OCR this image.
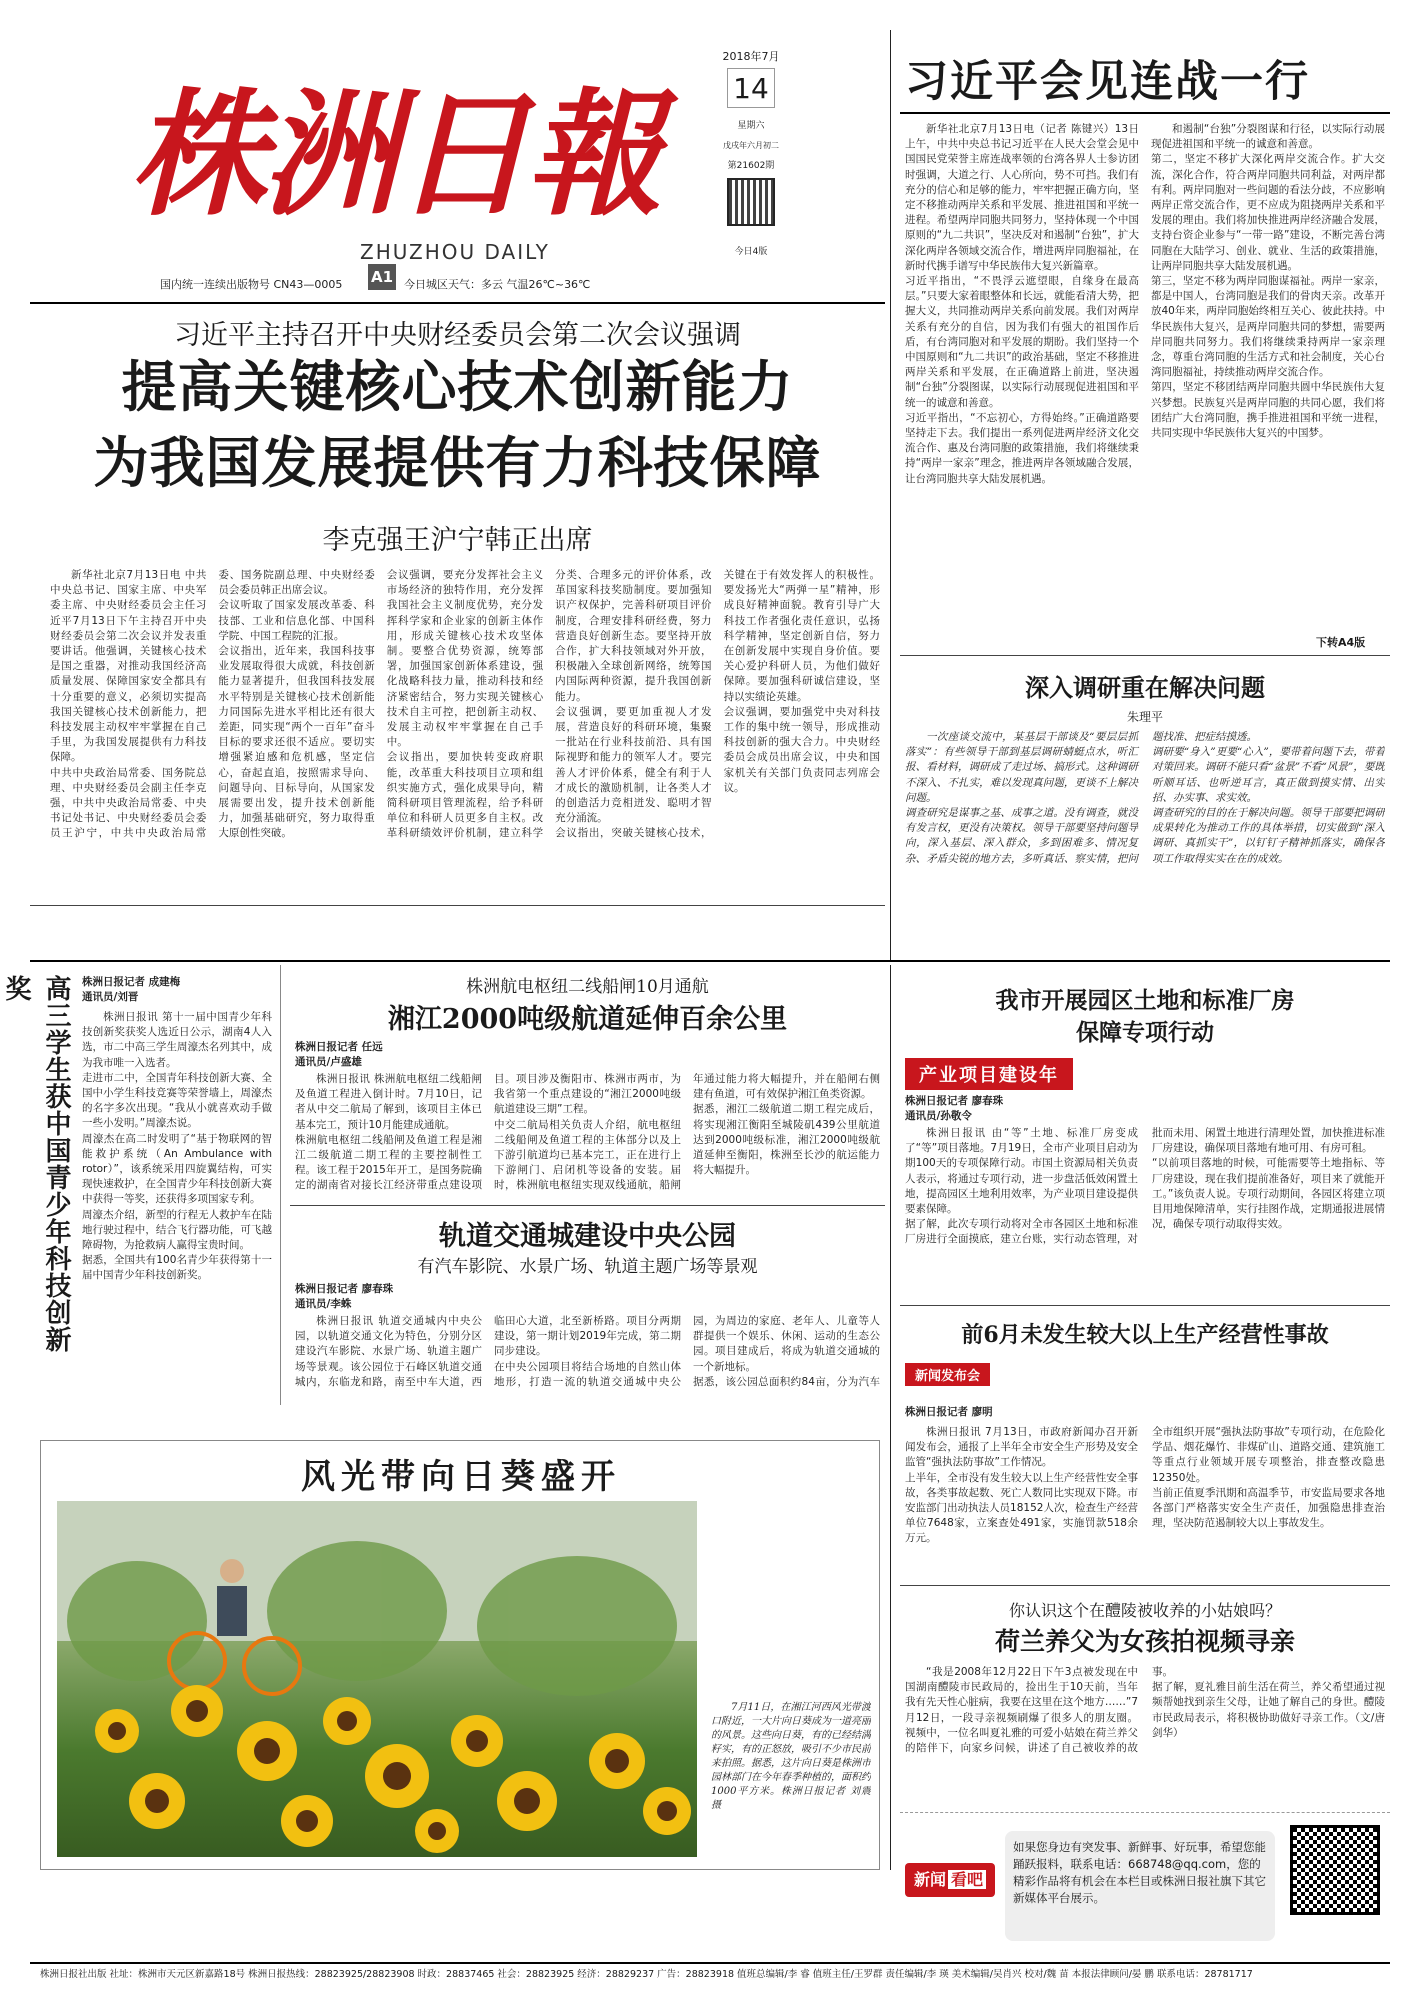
株洲日報
ZHUZHOU DAILY
国内统一连续出版物号 CN43—0005 A1 今日城区天气：多云 气温26℃~36℃
2018年7月
14
星期六
戊戌年六月初二
第21602期
今日4版
习近平会见连战一行
新华社北京7月13日电（记者 陈键兴）13日上午，中共中央总书记习近平在人民大会堂会见中国国民党荣誉主席连战率领的台湾各界人士参访团时强调，大道之行、人心所向，势不可挡。我们有充分的信心和足够的能力，牢牢把握正确方向，坚定不移推动两岸关系和平发展、推进祖国和平统一进程。希望两岸同胞共同努力，坚持体现一个中国原则的“九二共识”，坚决反对和遏制“台独”，扩大深化两岸各领域交流合作，增进两岸同胞福祉，在新时代携手谱写中华民族伟大复兴新篇章。
习近平指出，“不畏浮云遮望眼，自缘身在最高层。”只要大家着眼整体和长远，就能看清大势，把握大义，共同推动两岸关系向前发展。我们对两岸关系有充分的自信，因为我们有强大的祖国作后盾，有台湾同胞对和平发展的期盼。我们坚持一个中国原则和“九二共识”的政治基础，坚定不移推进两岸关系和平发展，在正确道路上前进，坚决遏制“台独”分裂图谋，以实际行动展现促进祖国和平统一的诚意和善意。
习近平指出，“不忘初心，方得始终。”正确道路要坚持走下去。我们提出一系列促进两岸经济文化交流合作、惠及台湾同胞的政策措施，我们将继续秉持“两岸一家亲”理念，推进两岸各领域融合发展，让台湾同胞共享大陆发展机遇。
和遏制“台独”分裂图谋和行径，以实际行动展现促进祖国和平统一的诚意和善意。
第二，坚定不移扩大深化两岸交流合作。扩大交流，深化合作，符合两岸同胞共同利益，对两岸都有利。两岸同胞对一些问题的看法分歧，不应影响两岸正常交流合作，更不应成为阻挠两岸关系和平发展的理由。我们将加快推进两岸经济融合发展，支持台资企业参与“一带一路”建设，不断完善台湾同胞在大陆学习、创业、就业、生活的政策措施，让两岸同胞共享大陆发展机遇。
第三，坚定不移为两岸同胞谋福祉。两岸一家亲，都是中国人，台湾同胞是我们的骨肉天亲。改革开放40年来，两岸同胞始终相互关心、彼此扶持。中华民族伟大复兴，是两岸同胞共同的梦想，需要两岸同胞共同努力。我们将继续秉持两岸一家亲理念，尊重台湾同胞的生活方式和社会制度，关心台湾同胞福祉，持续推动两岸交流合作。
第四，坚定不移团结两岸同胞共圆中华民族伟大复兴梦想。民族复兴是两岸同胞的共同心愿，我们将团结广大台湾同胞，携手推进祖国和平统一进程，共同实现中华民族伟大复兴的中国梦。
下转A4版
习近平主持召开中央财经委员会第二次会议强调
提高关键核心技术创新能力
为我国发展提供有力科技保障
李克强王沪宁韩正出席
新华社北京7月13日电 中共中央总书记、国家主席、中央军委主席、中央财经委员会主任习近平7月13日下午主持召开中央财经委员会第二次会议并发表重要讲话。他强调，关键核心技术是国之重器，对推动我国经济高质量发展、保障国家安全都具有十分重要的意义，必须切实提高我国关键核心技术创新能力，把科技发展主动权牢牢掌握在自己手里，为我国发展提供有力科技保障。
中共中央政治局常委、国务院总理、中央财经委员会副主任李克强，中共中央政治局常委、中央书记处书记、中央财经委员会委员王沪宁，中共中央政治局常委、国务院副总理、中央财经委员会委员韩正出席会议。
会议听取了国家发展改革委、科技部、工业和信息化部、中国科学院、中国工程院的汇报。
会议指出，近年来，我国科技事业发展取得很大成就，科技创新能力显著提升，但我国科技发展水平特别是关键核心技术创新能力同国际先进水平相比还有很大差距，同实现“两个一百年”奋斗目标的要求还很不适应。要切实增强紧迫感和危机感，坚定信心，奋起直追，按照需求导向、问题导向、目标导向，从国家发展需要出发，提升技术创新能力，加强基础研究，努力取得重大原创性突破。
会议强调，要充分发挥社会主义市场经济的独特作用，充分发挥我国社会主义制度优势，充分发挥科学家和企业家的创新主体作用，形成关键核心技术攻坚体制。要整合优势资源，统筹部署，加强国家创新体系建设，强化战略科技力量，推动科技和经济紧密结合，努力实现关键核心技术自主可控，把创新主动权、发展主动权牢牢掌握在自己手中。
会议指出，要加快转变政府职能，改革重大科技项目立项和组织实施方式，强化成果导向，精简科研项目管理流程，给予科研单位和科研人员更多自主权。改革科研绩效评价机制，建立科学分类、合理多元的评价体系，改革国家科技奖励制度。要加强知识产权保护，完善科研项目评价制度，合理安排科研经费，努力营造良好创新生态。要坚持开放合作，扩大科技领域对外开放，积极融入全球创新网络，统筹国内国际两种资源，提升我国创新能力。
会议强调，要更加重视人才发展，营造良好的科研环境，集聚一批站在行业科技前沿、具有国际视野和能力的领军人才。要完善人才评价体系，健全有利于人才成长的激励机制，让各类人才的创造活力竞相迸发、聪明才智充分涌流。
会议指出，突破关键核心技术，关键在于有效发挥人的积极性。要发扬光大“两弹一星”精神，形成良好精神面貌。教育引导广大科技工作者强化责任意识，弘扬科学精神，坚定创新自信，努力在创新发展中实现自身价值。要关心爱护科研人员，为他们做好保障。要加强科研诚信建设，坚持以实绩论英雄。
会议强调，要加强党中央对科技工作的集中统一领导，形成推动科技创新的强大合力。中央财经委员会成员出席会议，中央和国家机关有关部门负责同志列席会议。
深入调研重在解决问题
朱理平
一次座谈交流中，某基层干部谈及“要层层抓落实”：有些领导干部到基层调研蜻蜓点水，听汇报、看材料，调研成了走过场、搞形式。这种调研不深入、不扎实，难以发现真问题，更谈不上解决问题。
调查研究是谋事之基、成事之道。没有调查，就没有发言权，更没有决策权。领导干部要坚持问题导向，深入基层、深入群众，多到困难多、情况复杂、矛盾尖锐的地方去，多听真话、察实情，把问题找准、把症结摸透。
调研要“身入”更要“心入”，要带着问题下去，带着对策回来。调研不能只看“盆景”不看“风景”，要既听顺耳话、也听逆耳言，真正做到摸实情、出实招、办实事、求实效。
调查研究的目的在于解决问题。领导干部要把调研成果转化为推动工作的具体举措，切实做到“深入调研、真抓实干”，以钉钉子精神抓落实，确保各项工作取得实实在在的成效。
高三学生获中国青少年科技创新奖	株洲日报记者 成建梅
通讯员/刘晋
株洲日报讯 第十一届中国青少年科技创新奖获奖人选近日公示，湖南4人入选，市二中高三学生周濠杰名列其中，成为我市唯一入选者。
走进市二中，全国青年科技创新大赛、全国中小学生科技竞赛等荣誉墙上，周濠杰的名字多次出现。“我从小就喜欢动手做一些小发明。”周濠杰说。
周濠杰在高二时发明了“基于物联网的智能救护系统（An Ambulance with rotor）”，该系统采用四旋翼结构，可实现快速救护，在全国青少年科技创新大赛中获得一等奖，还获得多项国家专利。
周濠杰介绍，新型的行程无人救护车在陆地行驶过程中，结合飞行器功能，可飞越障碍物，为抢救病人赢得宝贵时间。
据悉，全国共有100名青少年获得第十一届中国青少年科技创新奖。
株洲航电枢纽二线船闸10月通航
湘江2000吨级航道延伸百余公里
株洲日报记者 任远
通讯员/卢盛雄
株洲日报讯 株洲航电枢纽二线船闸及鱼道工程进入倒计时。7月10日，记者从中交二航局了解到，该项目主体已基本完工，预计10月能建成通航。
株洲航电枢纽二线船闸及鱼道工程是湘江二级航道二期工程的主要控制性工程。该工程于2015年开工，是国务院确定的湖南省对接长江经济带重点建设项目。项目涉及衡阳市、株洲市两市，为我省第一个重点建设的“湘江2000吨级航道建设三期”工程。
中交二航局相关负责人介绍，航电枢纽二线船闸及鱼道工程的主体部分以及上下游引航道均已基本完工，正在进行上下游闸门、启闭机等设备的安装。届时，株洲航电枢纽实现双线通航，船闸年通过能力将大幅提升，并在船闸右侧建有鱼道，可有效保护湘江鱼类资源。
据悉，湘江二级航道二期工程完成后，将实现湘江衡阳至城陵矶439公里航道达到2000吨级标准，湘江2000吨级航道延伸至衡阳，株洲至长沙的航运能力将大幅提升。
轨道交通城建设中央公园
有汽车影院、水景广场、轨道主题广场等景观
株洲日报记者 廖春珠
通讯员/李蛛
株洲日报讯 轨道交通城内中央公园，以轨道交通文化为特色，分别分区建设汽车影院、水景广场、轨道主题广场等景观。该公园位于石峰区轨道交通城内，东临龙和路，南至中车大道，西临田心大道，北至新桥路。项目分两期建设，第一期计划2019年完成，第二期同步建设。
在中央公园项目将结合场地的自然山体地形，打造一流的轨道交通城中央公园，为周边的家庭、老年人、儿童等人群提供一个娱乐、休闲、运动的生态公园。项目建成后，将成为轨道交通城的一个新地标。
据悉，该公园总面积约84亩，分为汽车
我市开展园区土地和标准厂房
保障专项行动
产业项目建设年
株洲日报记者 廖春珠
通讯员/孙敬令
株洲日报讯 由“等”土地、标准厂房变成了“等”项目落地。7月19日，全市产业项目启动为期100天的专项保障行动。市国土资源局相关负责人表示，将通过专项行动，进一步盘活低效闲置土地，提高园区土地利用效率，为产业项目建设提供要素保障。
据了解，此次专项行动将对全市各园区土地和标准厂房进行全面摸底，建立台账，实行动态管理，对批而未用、闲置土地进行清理处置，加快推进标准厂房建设，确保项目落地有地可用、有房可租。
“以前项目落地的时候，可能需要等土地指标、等厂房建设，现在我们提前准备好，项目来了就能开工。”该负责人说。专项行动期间，各园区将建立项目用地保障清单，实行挂图作战，定期通报进展情况，确保专项行动取得实效。
前6月未发生较大以上生产经营性事故
新闻发布会
株洲日报记者 廖明
株洲日报讯 7月13日，市政府新闻办召开新闻发布会，通报了上半年全市安全生产形势及安全监管“强执法防事故”工作情况。
上半年，全市没有发生较大以上生产经营性安全事故，各类事故起数、死亡人数同比实现双下降。市安监部门出动执法人员18152人次，检查生产经营单位7648家，立案查处491家，实施罚款518余万元。
全市组织开展“强执法防事故”专项行动，在危险化学品、烟花爆竹、非煤矿山、道路交通、建筑施工等重点行业领域开展专项整治，排查整改隐患12350处。
当前正值夏季汛期和高温季节，市安监局要求各地各部门严格落实安全生产责任，加强隐患排查治理，坚决防范遏制较大以上事故发生。
你认识这个在醴陵被收养的小姑娘吗？
荷兰养父为女孩拍视频寻亲
“我是2008年12月22日下午3点被发现在中国湖南醴陵市民政局的，捡出生于10天前，当年我有先天性心脏病，我要在这里在这个地方……”7月12日，一段寻亲视频刷爆了很多人的朋友圈。视频中，一位名叫夏礼雅的可爱小姑娘在荷兰养父的陪伴下，向家乡问候，讲述了自己被收养的故事。
据了解，夏礼雅目前生活在荷兰，养父希望通过视频帮她找到亲生父母，让她了解自己的身世。醴陵市民政局表示，将积极协助做好寻亲工作。（文/唐剑华）
新闻 看吧
如果您身边有突发事、新鲜事、好玩事，希望您能踊跃报料，联系电话：668748@qq.com，您的精彩作品将有机会在本栏目或株洲日报社旗下其它新媒体平台展示。
风光带向日葵盛开
7月11日，在湘江河西风光带渡口附近，一大片向日葵成为一道亮丽的风景。这些向日葵，有的已经结满籽实，有的正怒放，吸引不少市民前来拍照。据悉，这片向日葵是株洲市园林部门在今年春季种植的，面积约1000平方米。株洲日报记者 刘震 摄
株洲日报社出版 社址：株洲市天元区新嘉路18号 株洲日报热线：28823925/28823908 时政：28837465 社会：28823925 经济：28829237 广告：28823918 值班总编辑/李 睿 值班主任/王罗群 责任编辑/李 瑛 美术编辑/吴肖兴 校对/魏 苗 本报法律顾问/晏 鹏 联系电话：28781717
